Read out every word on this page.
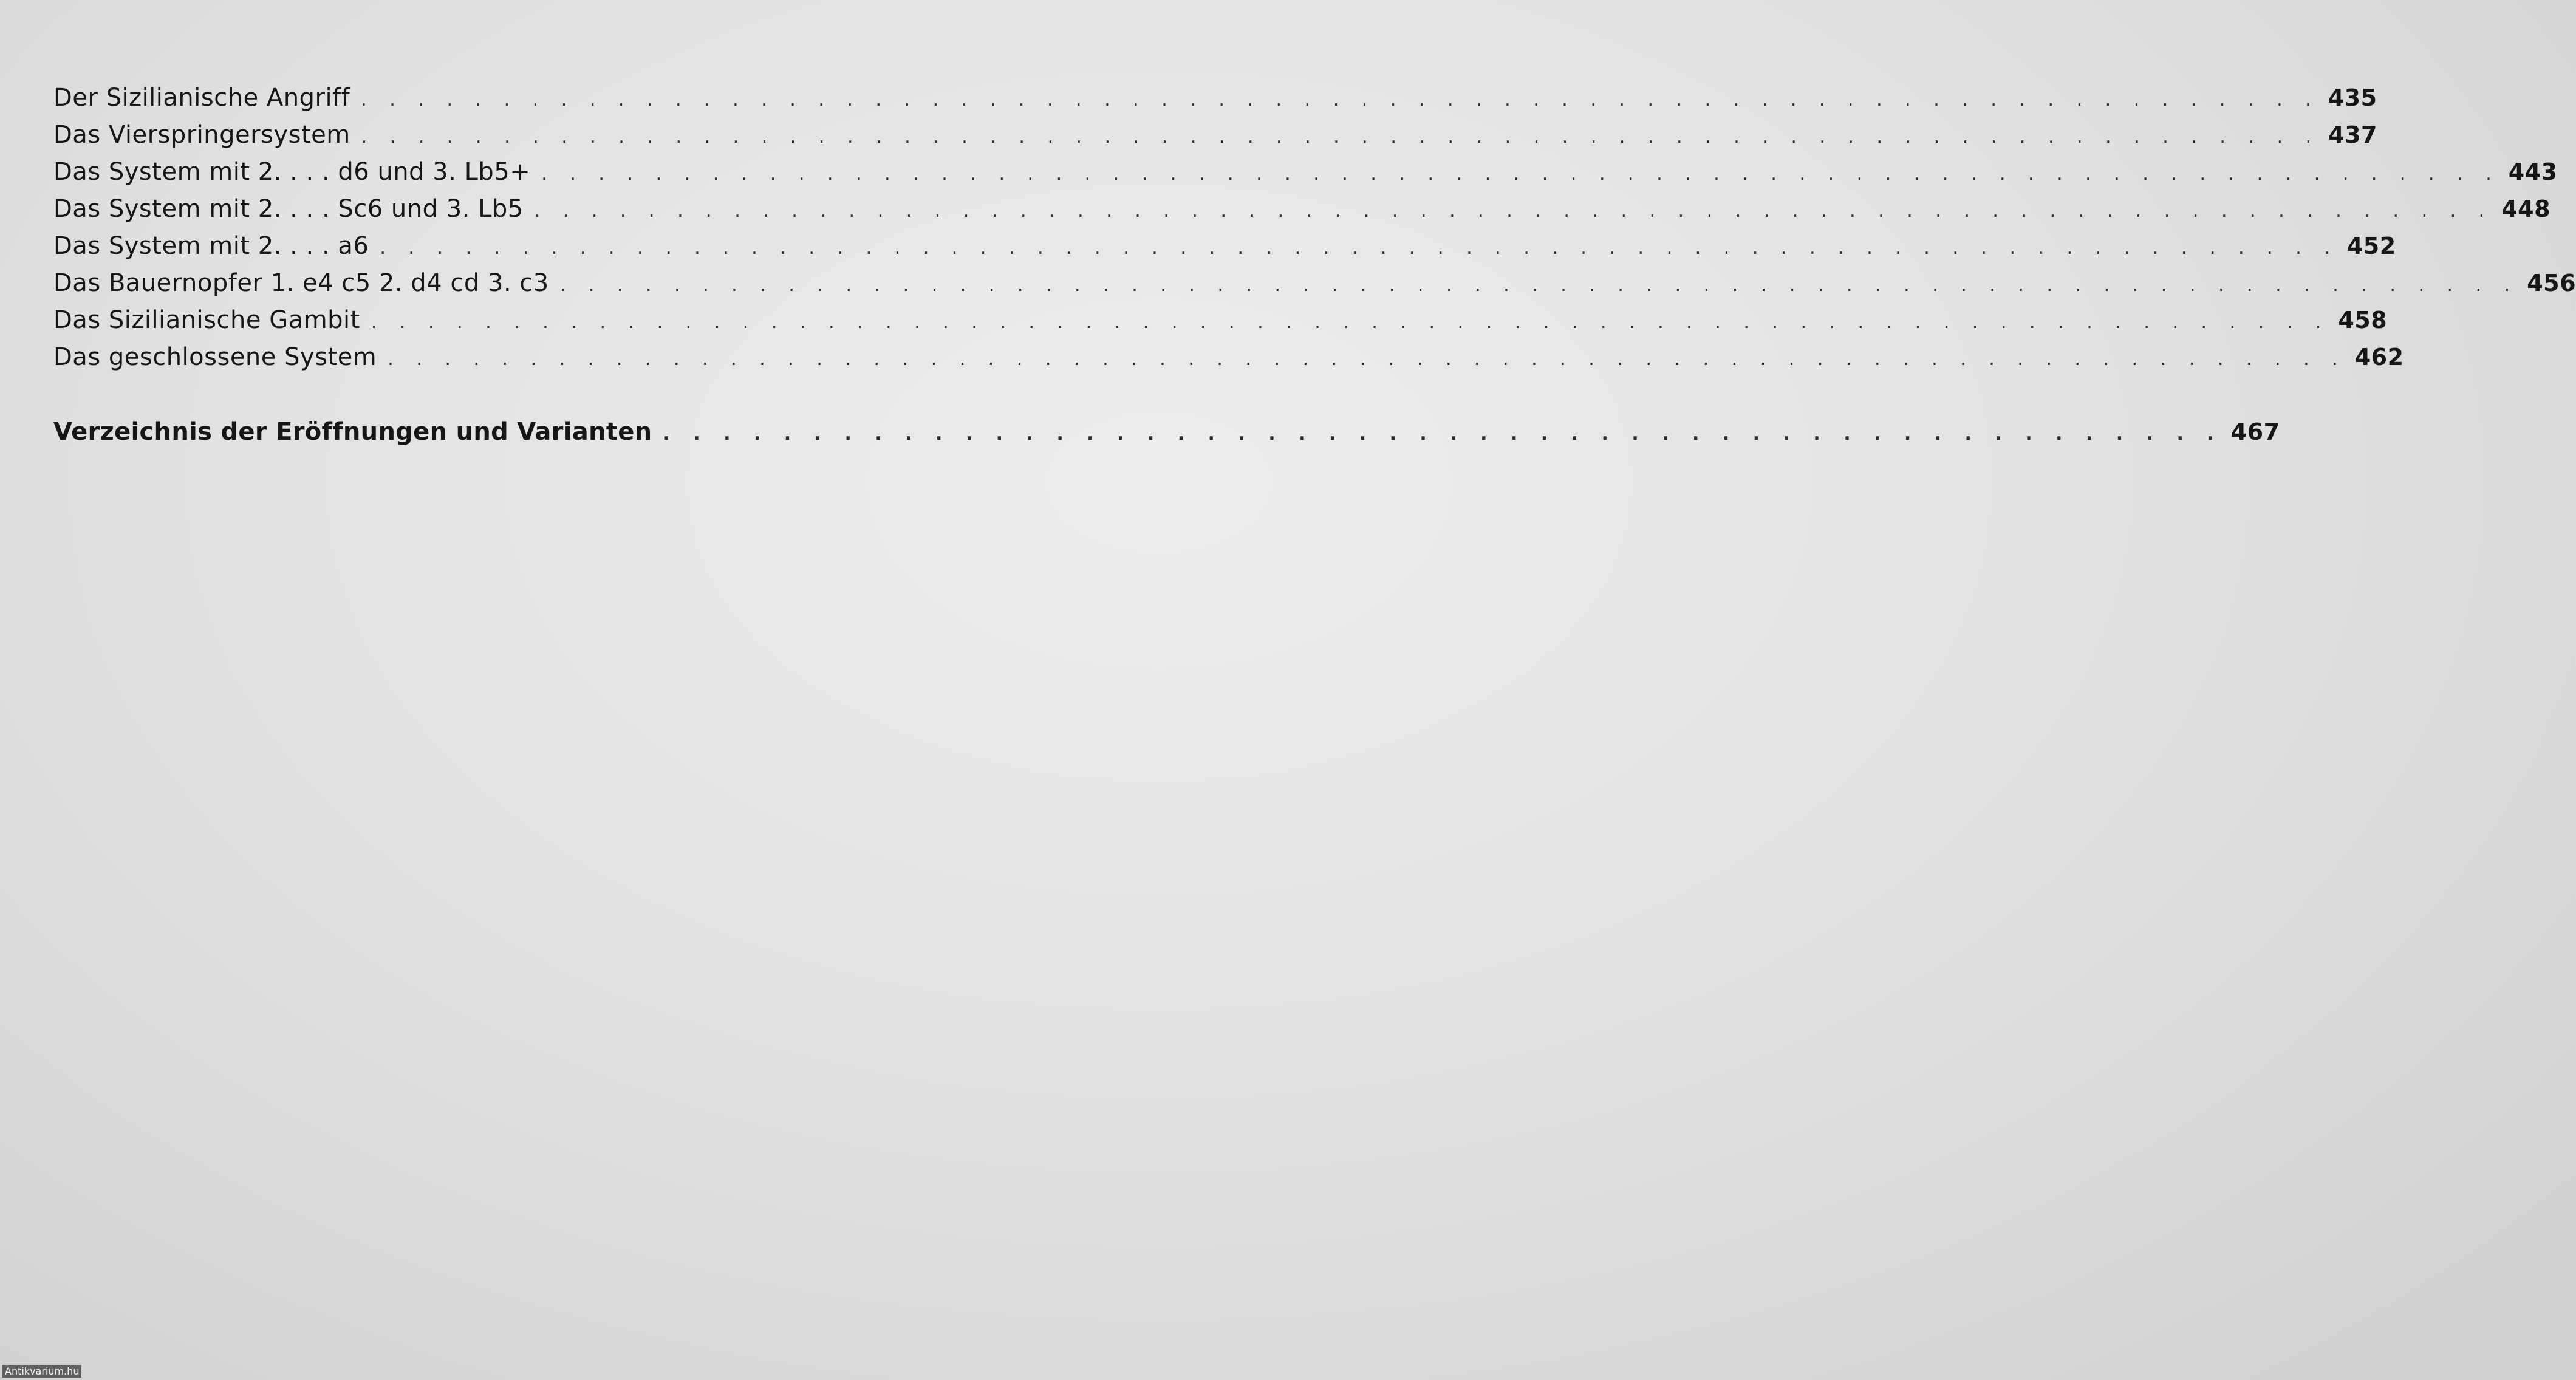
Der Sizilianische Angriff . . . . . . . . . . . . . . . . . . . . . . . . . . . . . . . . . . . . . . . . . . . . . . . . . . . . . . . . . . . . . . . . . . . . . 435
Das Vierspringersystem . . . . . . . . . . . . . . . . . . . . . . . . . . . . . . . . . . . . . . . . . . . . . . . . . . . . . . . . . . . . . . . . . . . . . 437
Das System mit 2. . . . d6 und 3. Lb5+ . . . . . . . . . . . . . . . . . . . . . . . . . . . . . . . . . . . . . . . . . . . . . . . . . . . . . . . . . . . . . . . . . . . . . 443
Das System mit 2. . . . Sc6 und 3. Lb5 . . . . . . . . . . . . . . . . . . . . . . . . . . . . . . . . . . . . . . . . . . . . . . . . . . . . . . . . . . . . . . . . . . . . . 448
Das System mit 2. . . . a6 . . . . . . . . . . . . . . . . . . . . . . . . . . . . . . . . . . . . . . . . . . . . . . . . . . . . . . . . . . . . . . . . . . . . . 452
Das Bauernopfer 1. e4 c5 2. d4 cd 3. c3 . . . . . . . . . . . . . . . . . . . . . . . . . . . . . . . . . . . . . . . . . . . . . . . . . . . . . . . . . . . . . . . . . . . . . 456
Das Sizilianische Gambit . . . . . . . . . . . . . . . . . . . . . . . . . . . . . . . . . . . . . . . . . . . . . . . . . . . . . . . . . . . . . . . . . . . . . 458
Das geschlossene System . . . . . . . . . . . . . . . . . . . . . . . . . . . . . . . . . . . . . . . . . . . . . . . . . . . . . . . . . . . . . . . . . . . . . 462
Verzeichnis der Eröffnungen und Varianten . . . . . . . . . . . . . . . . . . . . . . . . . . . . . . . . . . . . . . . . . . . . . . . . . . . . 467
Antikvarium.hu
